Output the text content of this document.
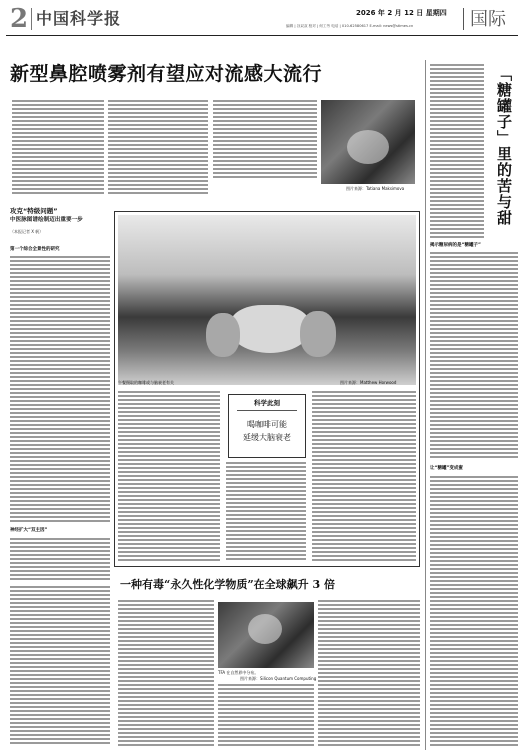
2 中国科学报	2026 年 2 月 12 日 星期四
编辑 | 谷双双 校对 | 何工劳 电话 | 010-62580617 E-mail: news@stimes.cn	国际
新型鼻腔喷雾剂有望应对流感大流行
图片来源：Tatiana Maksimova	「糖罐子」里的苦与甜
揭示糖尿病的是“糖罐子”
让“糖罐”变成蜜
攻克“特级问题”
中医脉图谱绘制迈出重要一步
（本报记者 X 帆）
第一个综合全景性的研究
神经扩大“双主因”
午餐摄取的咖啡或与脑衰老有关	图片来源：Matthew Horwood
科学此刻
喝咖啡可能
延缓大脑衰老
一种有毒“永久性化学物质”在全球飙升 3 倍
TFA 在自然界中分布。
图片来源：Silicon Quantum Computing
